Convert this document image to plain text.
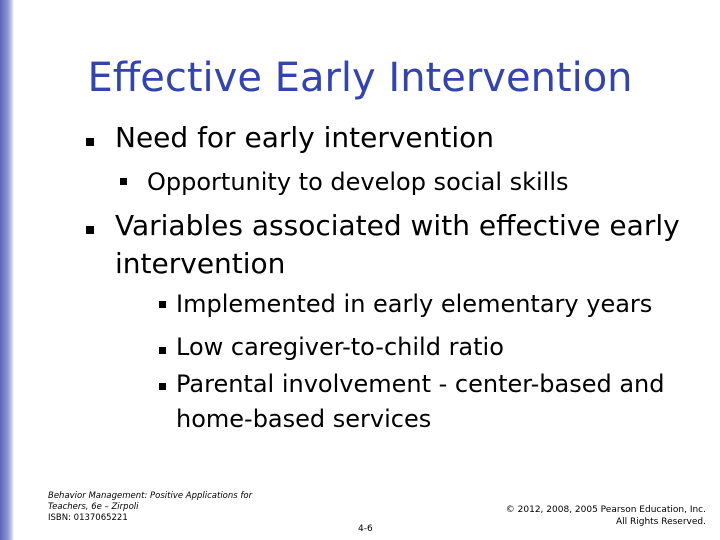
Effective Early Intervention
Need for early intervention
Opportunity to develop social skills
Variables associated with effective early
intervention
Implemented in early elementary years
Low caregiver-to-child ratio
Parental involvement - center-based and
home-based services
Behavior Management: Positive Applications for
Teachers, 6e – Zirpoli
ISBN: 0137065221
4-6
© 2012, 2008, 2005 Pearson Education, Inc.
All Rights Reserved.
